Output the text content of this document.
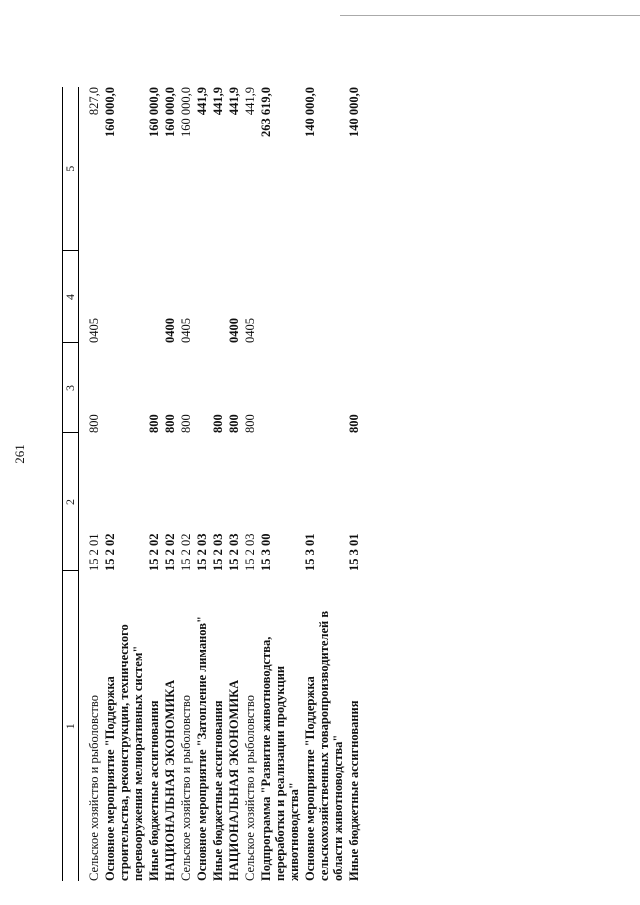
261
1	2	3	4	5

Сельское хозяйство и рыболовство	15 2 01	800	0405	827,0
Основное мероприятие "Поддержка строительства, реконструкции, технического перевооружения мелиоративных систем"	15 2 02			160 000,0
Иные бюджетные ассигнования	15 2 02	800		160 000,0
НАЦИОНАЛЬНАЯ ЭКОНОМИКА	15 2 02	800	0400	160 000,0
Сельское хозяйство и рыболовство	15 2 02	800	0405	160 000,0
Основное мероприятие "Затопление лиманов"	15 2 03			441,9
Иные бюджетные ассигнования	15 2 03	800		441,9
НАЦИОНАЛЬНАЯ ЭКОНОМИКА	15 2 03	800	0400	441,9
Сельское хозяйство и рыболовство	15 2 03	800	0405	441,9
Подпрограмма "Развитие животноводства, переработки и реализации продукции животноводства"	15 3 00			263 619,0
Основное мероприятие "Поддержка сельскохозяйственных товаропроизводителей в области животноводства"	15 3 01			140 000,0
Иные бюджетные ассигнования	15 3 01	800		140 000,0
